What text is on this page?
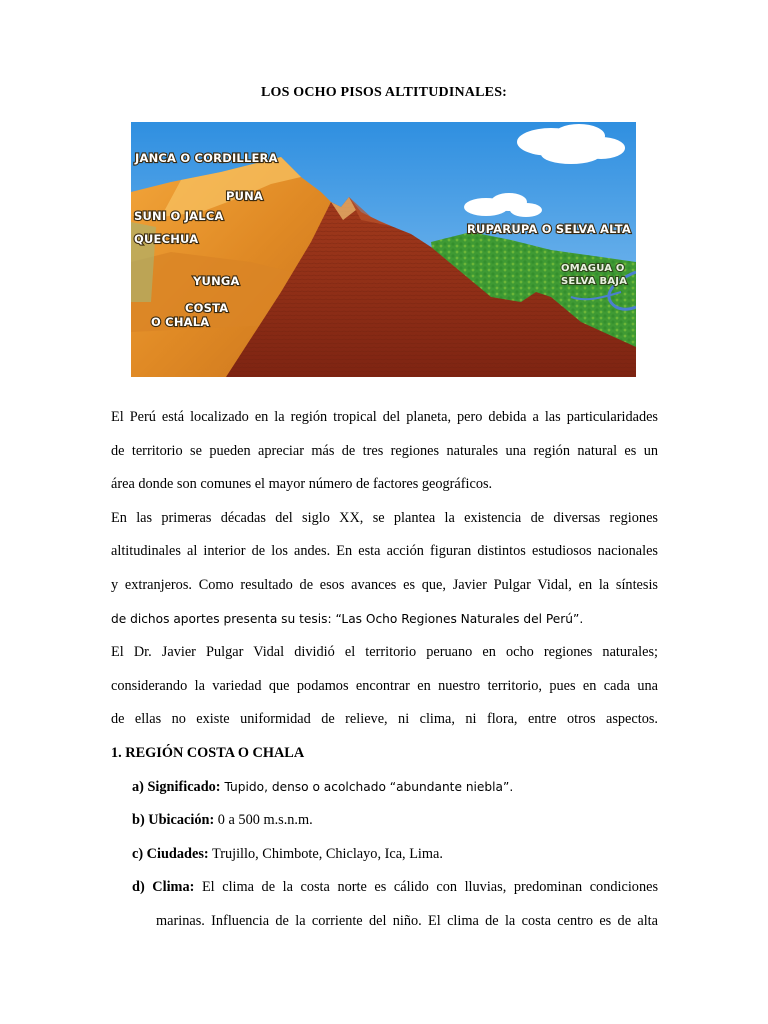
LOS OCHO PISOS ALTITUDINALES:
JANCA O CORDILLERA
PUNA
SUNI O JALCA
QUECHUA
YUNGA
COSTA
O CHALA
RUPARUPA O SELVA ALTA
OMAGUA O
SELVA BAJA
El Perú está localizado en la región tropical del planeta, pero debida a las particularidades
de territorio se pueden apreciar más de tres regiones naturales una región natural es un
área donde son comunes el mayor número de factores geográficos.
En las primeras décadas del siglo XX, se plantea la existencia de diversas regiones
altitudinales al interior de los andes. En esta acción figuran distintos estudiosos nacionales
y extranjeros. Como resultado de esos avances es que, Javier Pulgar Vidal, en la síntesis
de dichos aportes presenta su tesis: “Las Ocho Regiones Naturales del Perú”.
El Dr. Javier Pulgar Vidal dividió el territorio peruano en ocho regiones naturales;
considerando la variedad que podamos encontrar en nuestro territorio, pues en cada una
de ellas no existe uniformidad de relieve, ni clima, ni flora, entre otros aspectos.
1. REGIÓN COSTA O CHALA
a) Significado: Tupido, denso o acolchado “abundante niebla”.
b) Ubicación: 0 a 500 m.s.n.m.
c) Ciudades: Trujillo, Chimbote, Chiclayo, Ica, Lima.
d) Clima: El clima de la costa norte es cálido con lluvias, predominan condiciones
marinas. Influencia de la corriente del niño. El clima de la costa centro es de alta
